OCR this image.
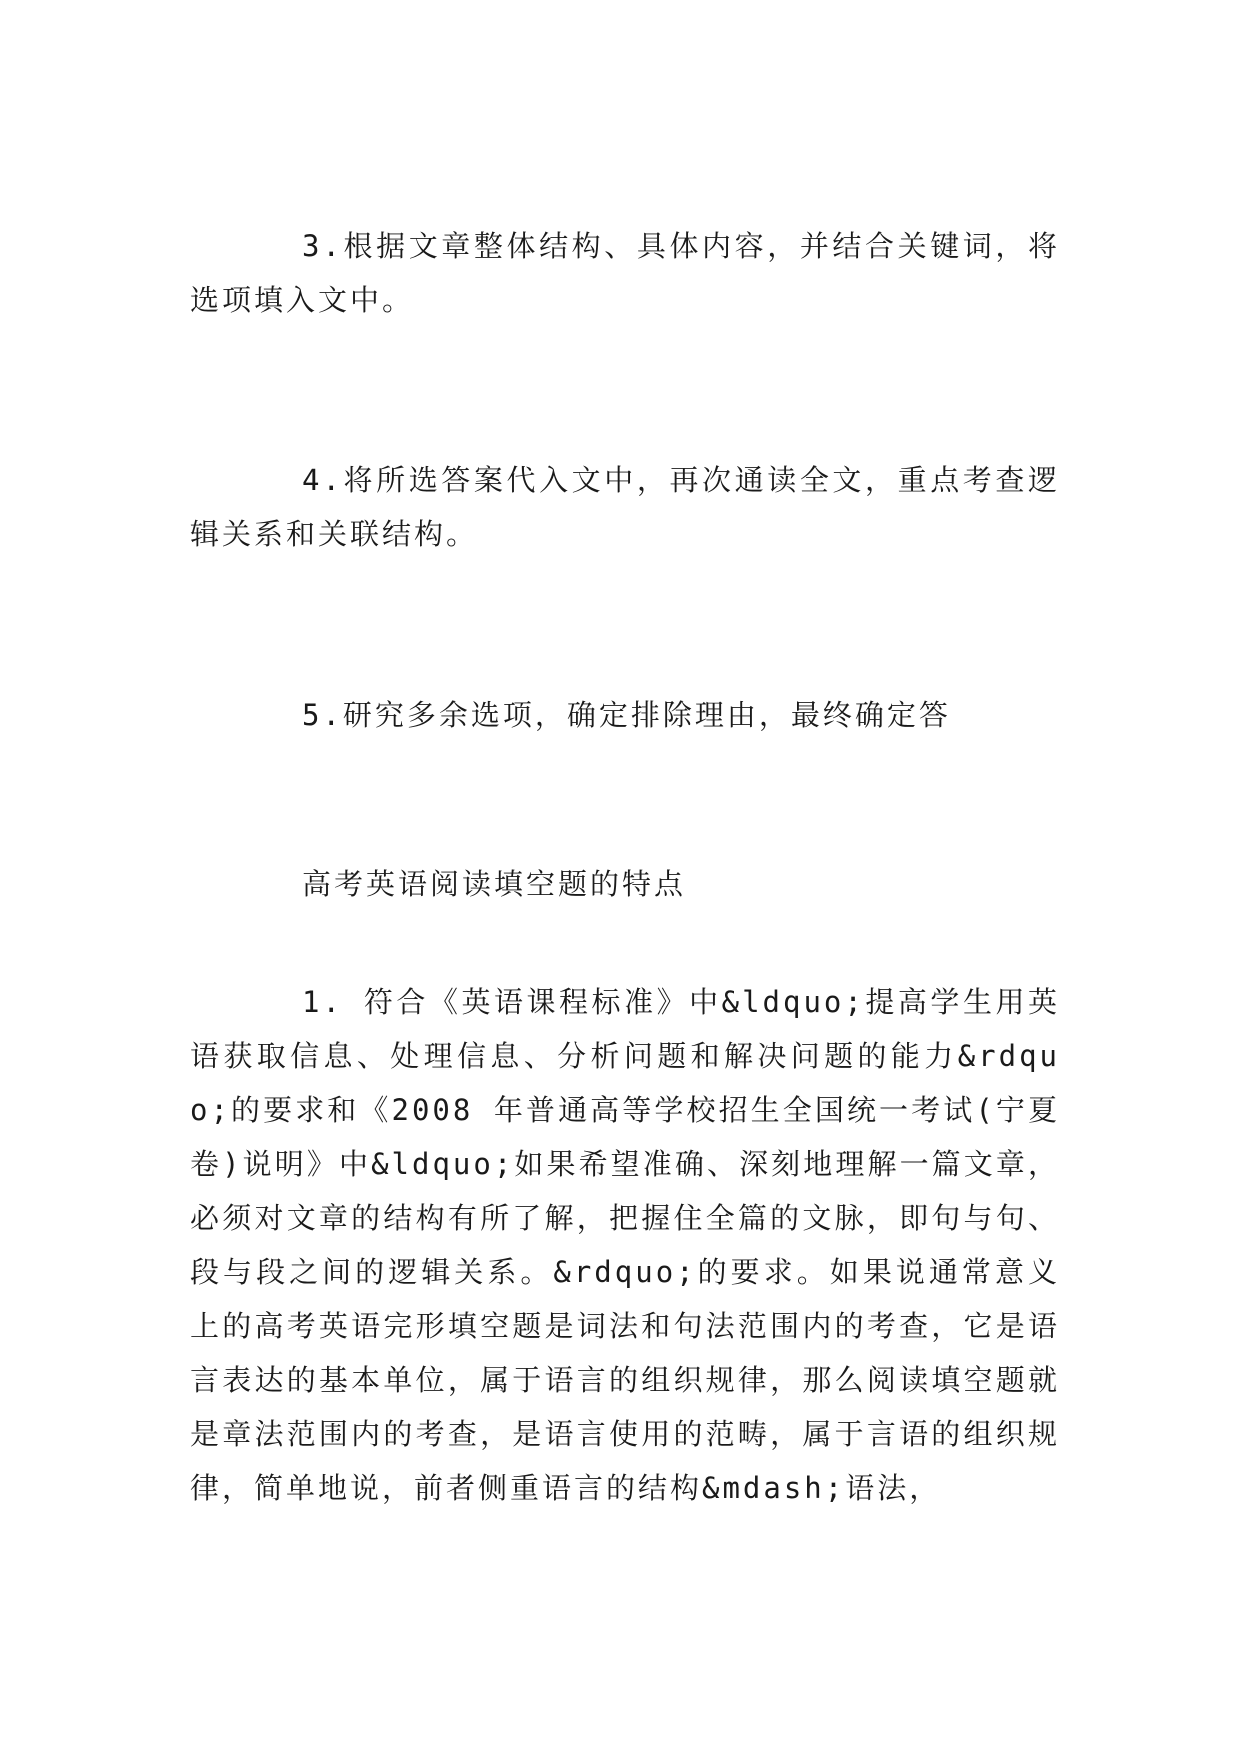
3.根据文章整体结构、具体内容，并结合关键词，将选项填入文中。

4.将所选答案代入文中，再次通读全文，重点考查逻辑关系和关联结构。

5.研究多余选项，确定排除理由，最终确定答

高考英语阅读填空题的特点

1. 符合《英语课程标准》中&ldquo;提高学生用英语获取信息、处理信息、分析问题和解决问题的能力&rdquo;的要求和《2008 年普通高等学校招生全国统一考试(宁夏卷)说明》中&ldquo;如果希望准确、深刻地理解一篇文章，必须对文章的结构有所了解，把握住全篇的文脉，即句与句、段与段之间的逻辑关系。&rdquo;的要求。如果说通常意义上的高考英语完形填空题是词法和句法范围内的考查，它是语言表达的基本单位，属于语言的组织规律，那么阅读填空题就是章法范围内的考查，是语言使用的范畴，属于言语的组织规律，简单地说，前者侧重语言的结构&mdash;语法，
